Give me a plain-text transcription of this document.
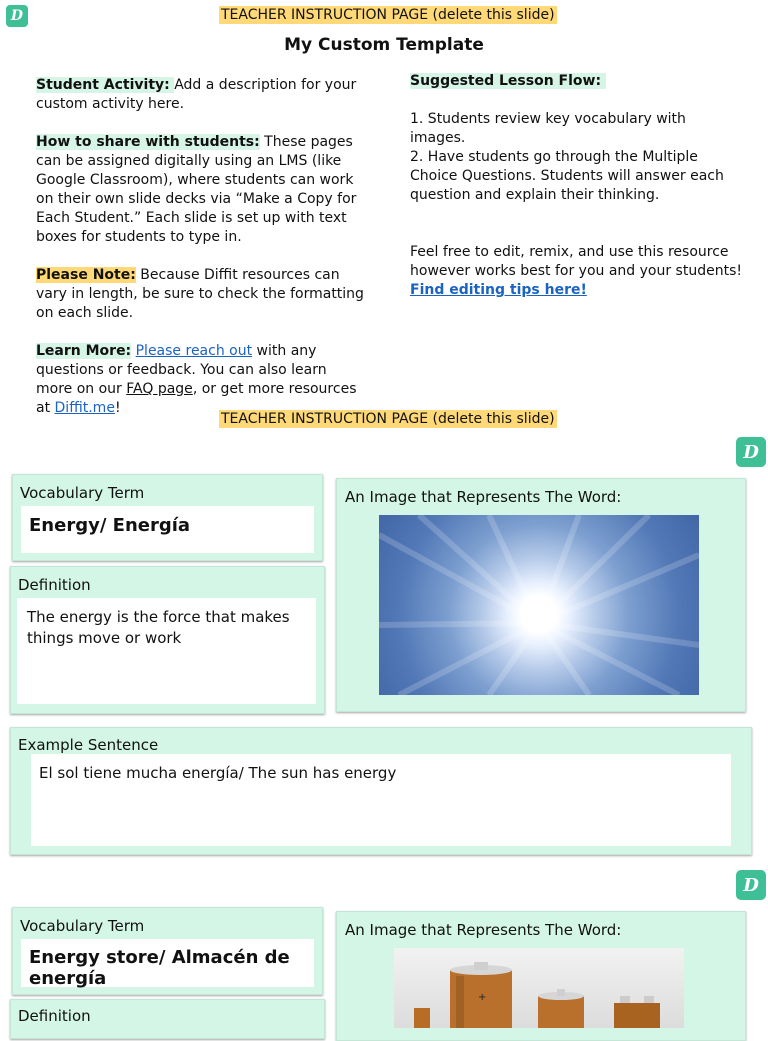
D	TEACHER INSTRUCTION PAGE (delete this slide)
My Custom Template
Student Activity: Add a description for your custom activity here.
How to share with students: These pages can be assigned digitally using an LMS (like Google Classroom), where students can work on their own slide decks via “Make a Copy for Each Student.” Each slide is set up with text boxes for students to type in.
Please Note: Because Diffit resources can vary in length, be sure to check the formatting on each slide.
Learn More: Please reach out with any questions or feedback. You can also learn more on our FAQ page, or get more resources at Diffit.me!
Suggested Lesson Flow:
1. Students review key vocabulary with images.
2. Have students go through the Multiple Choice Questions. Students will answer each question and explain their thinking.
Feel free to edit, remix, and use this resource however works best for you and your students!
Find editing tips here!
TEACHER INSTRUCTION PAGE (delete this slide)
D
Vocabulary Term
Energy/ Energía
Definition
The energy is the force that makes things move or work
An Image that Represents The Word:
Example Sentence
El sol tiene mucha energía/ The sun has energy
D
Vocabulary Term
Energy store/ Almacén de energía
Definition
An Image that Represents The Word:
+
